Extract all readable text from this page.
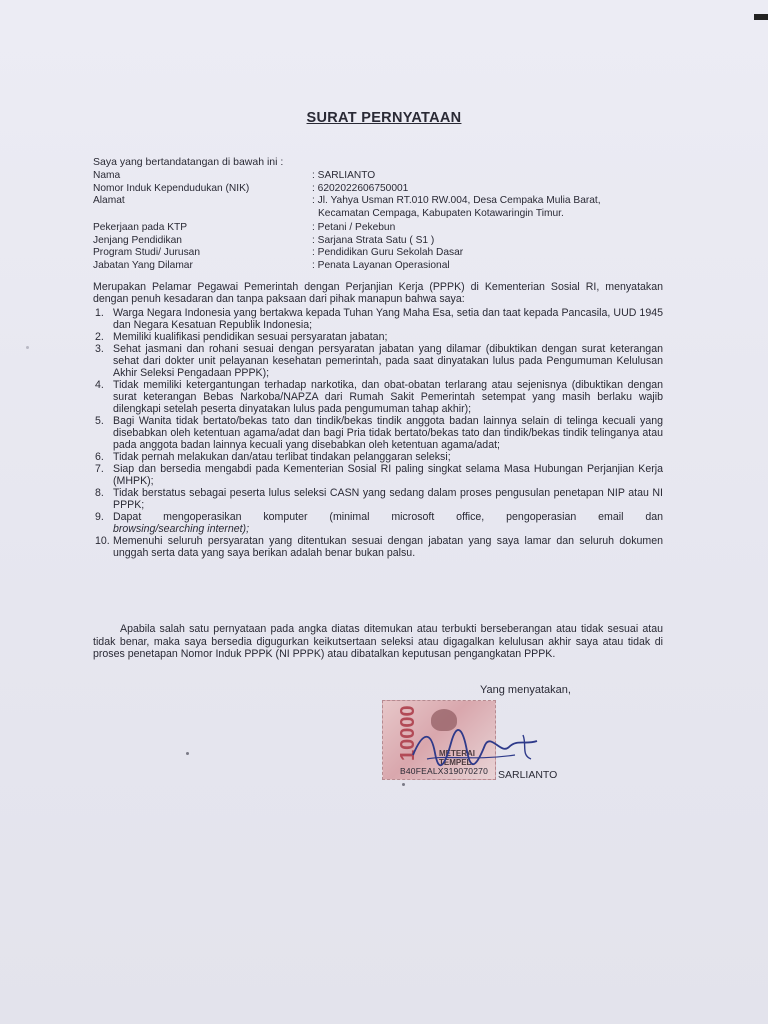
SURAT PERNYATAAN
Saya yang bertandatangan di bawah ini :
Nama	: SARLIANTO
Nomor Induk Kependudukan (NIK)	: 6202022606750001
Alamat	: Jl. Yahya Usman RT.010 RW.004, Desa Cempaka Mulia Barat,
Kecamatan Cempaga, Kabupaten Kotawaringin Timur.
Pekerjaan pada KTP	: Petani / Pekebun
Jenjang Pendidikan	: Sarjana Strata Satu ( S1 )
Program Studi/ Jurusan	: Pendidikan Guru Sekolah Dasar
Jabatan Yang Dilamar	: Penata Layanan Operasional
Merupakan Pelamar Pegawai Pemerintah dengan Perjanjian Kerja (PPPK) di Kementerian Sosial RI, menyatakan dengan penuh kesadaran dan tanpa paksaan dari pihak manapun bahwa saya:
1. Warga Negara Indonesia yang bertakwa kepada Tuhan Yang Maha Esa, setia dan taat kepada Pancasila, UUD 1945 dan Negara Kesatuan Republik Indonesia;
2. Memiliki kualifikasi pendidikan sesuai persyaratan jabatan;
3. Sehat jasmani dan rohani sesuai dengan persyaratan jabatan yang dilamar (dibuktikan dengan surat keterangan sehat dari dokter unit pelayanan kesehatan pemerintah, pada saat dinyatakan lulus pada Pengumuman Kelulusan Akhir Seleksi Pengadaan PPPK);
4. Tidak memiliki ketergantungan terhadap narkotika, dan obat-obatan terlarang atau sejenisnya (dibuktikan dengan surat keterangan Bebas Narkoba/NAPZA dari Rumah Sakit Pemerintah setempat yang masih berlaku wajib dilengkapi setelah peserta dinyatakan lulus pada pengumuman tahap akhir);
5. Bagi Wanita tidak bertato/bekas tato dan tindik/bekas tindik anggota badan lainnya selain di telinga kecuali yang disebabkan oleh ketentuan agama/adat dan bagi Pria tidak bertato/bekas tato dan tindik/bekas tindik telinganya atau pada anggota badan lainnya kecuali yang disebabkan oleh ketentuan agama/adat;
6. Tidak pernah melakukan dan/atau terlibat tindakan pelanggaran seleksi;
7. Siap dan bersedia mengabdi pada Kementerian Sosial RI paling singkat selama Masa Hubungan Perjanjian Kerja (MHPK);
8. Tidak berstatus sebagai peserta lulus seleksi CASN yang sedang dalam proses pengusulan penetapan NIP atau NI PPPK;
9. Dapat mengoperasikan komputer (minimal microsoft office, pengoperasian email dan
browsing/searching internet);
10. Memenuhi seluruh persyaratan yang ditentukan sesuai dengan jabatan yang saya lamar dan seluruh dokumen unggah serta data yang saya berikan adalah benar bukan palsu.
Apabila salah satu pernyataan pada angka diatas ditemukan atau terbukti berseberangan atau tidak sesuai atau tidak benar, maka saya bersedia digugurkan keikutsertaan seleksi atau digagalkan kelulusan akhir saya atau tidak di proses penetapan Nomor Induk PPPK (NI PPPK) atau dibatalkan keputusan pengangkatan PPPK.
Yang menyatakan,
10000	METERAI TEMPEL
B40FEALX319070270 SARLIANTO
